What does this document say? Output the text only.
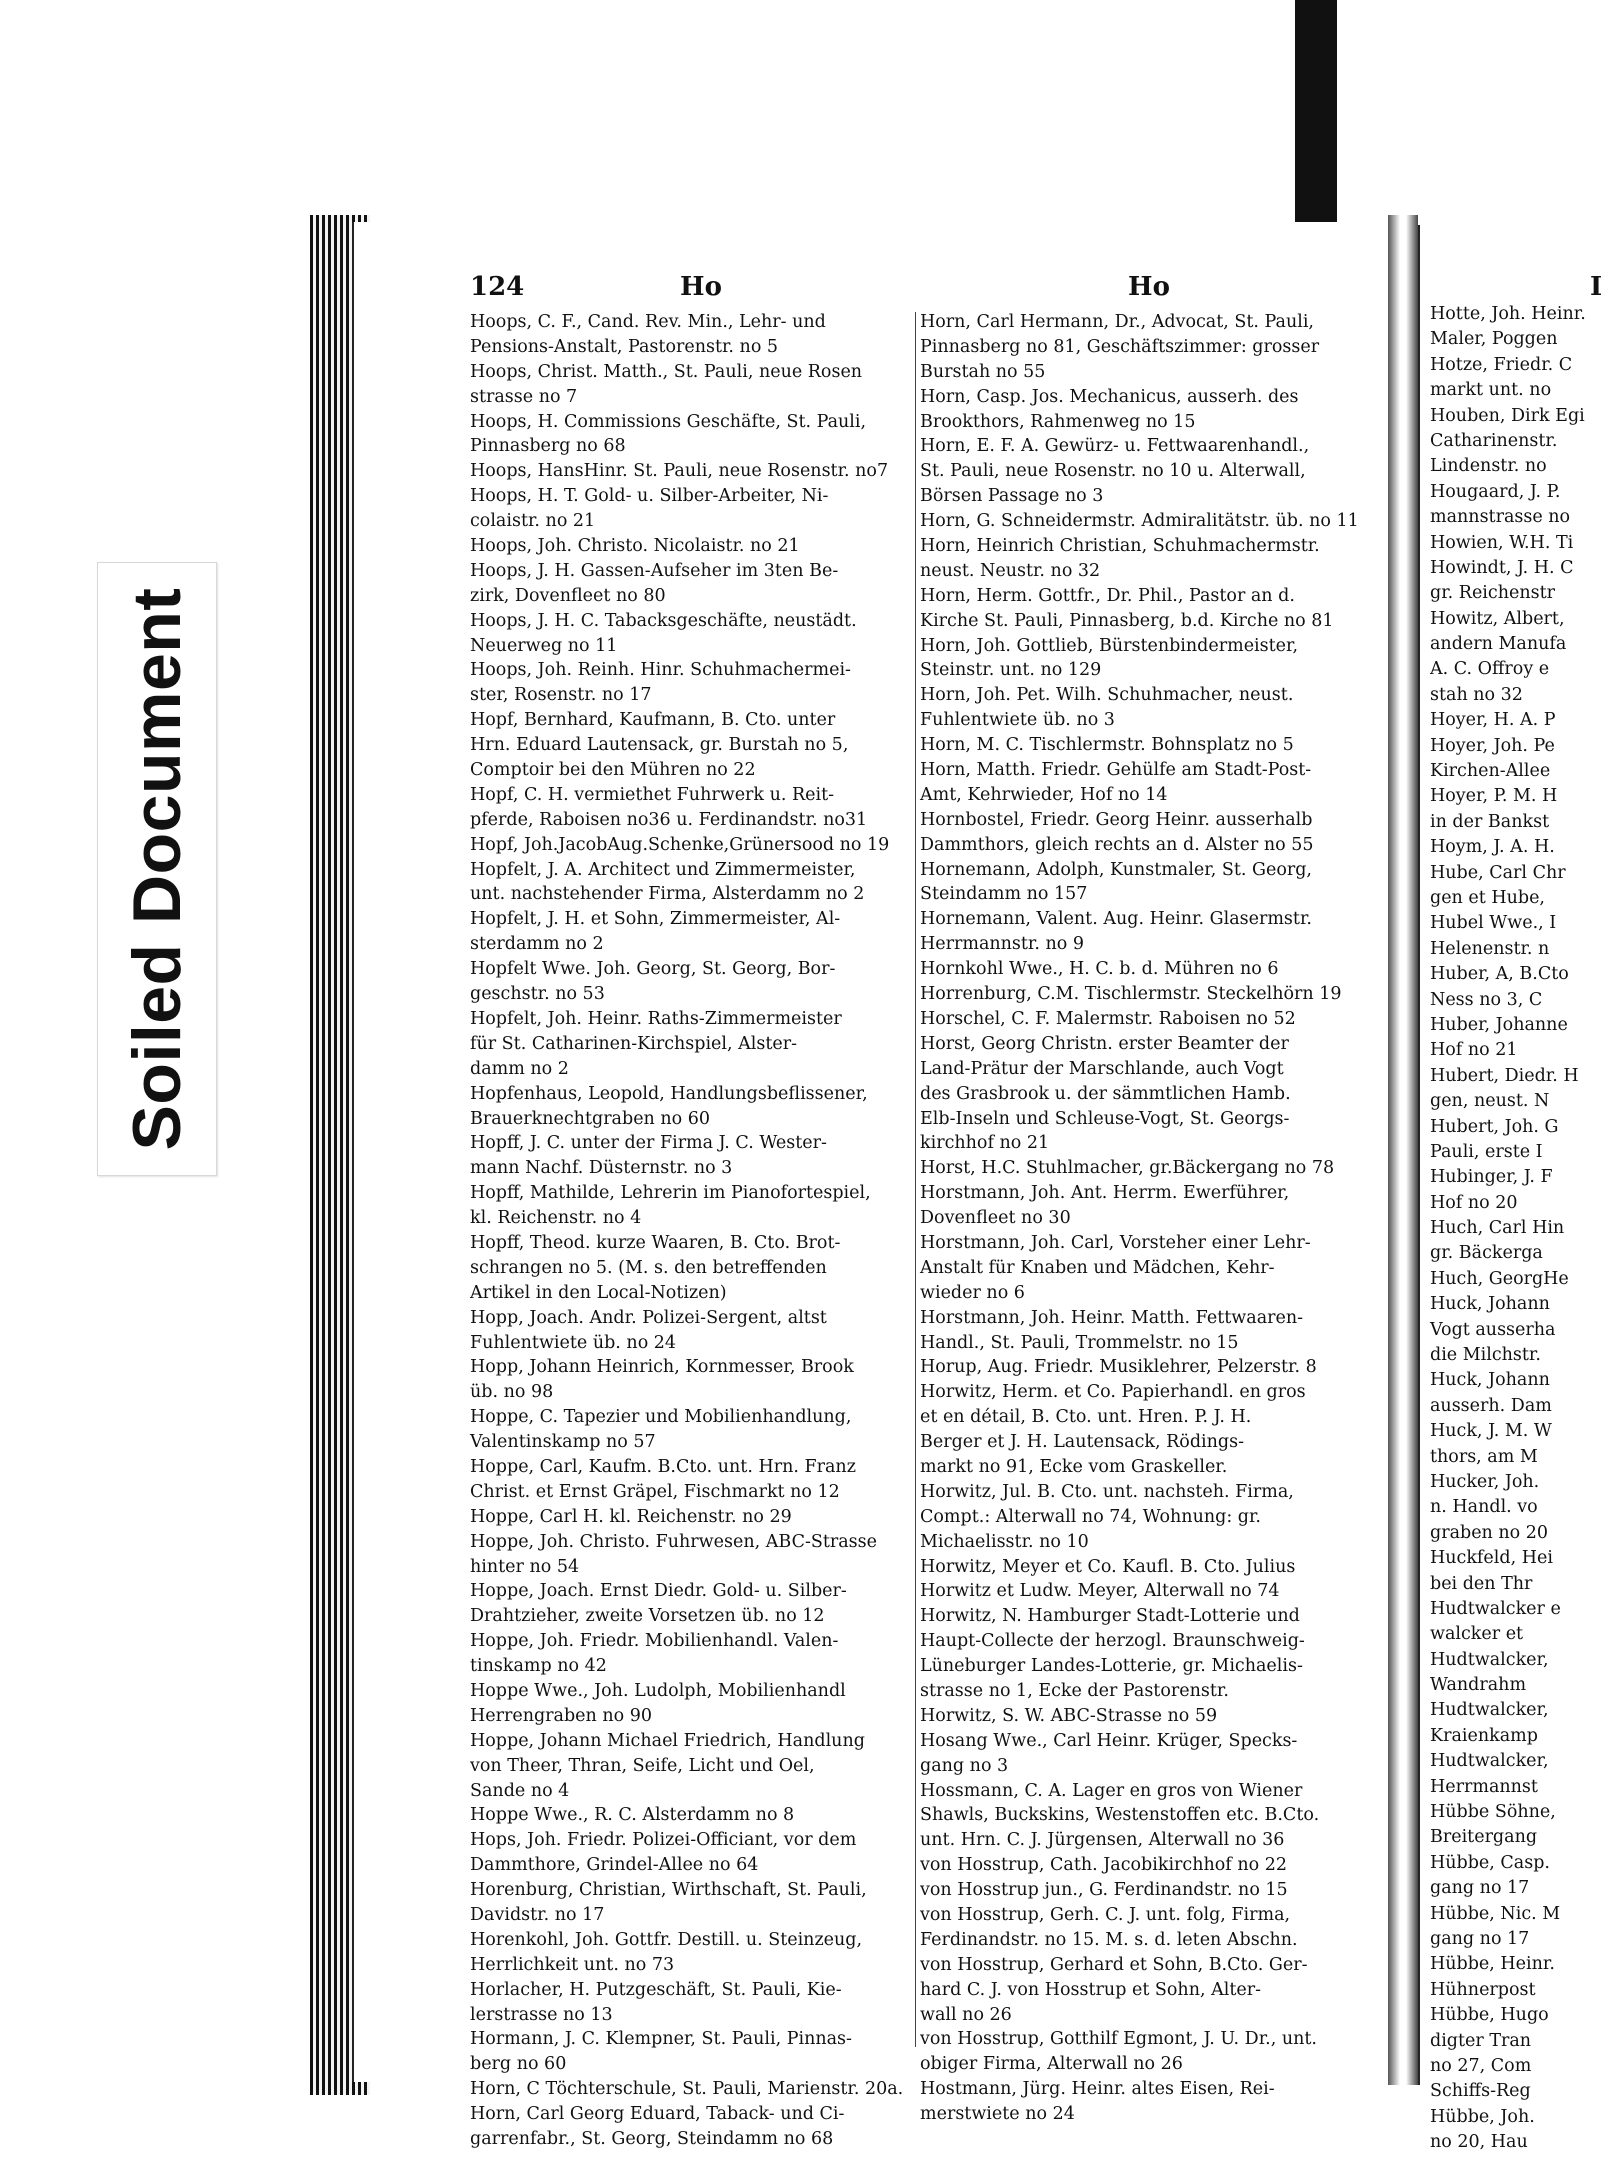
Soiled Document
124	Ho	Ho	I
Hoops, C. F., Cand. Rev. Min., Lehr- und
Pensions-Anstalt, Pastorenstr. no 5
Hoops, Christ. Matth., St. Pauli, neue Rosen
strasse no 7
Hoops, H. Commissions Geschäfte, St. Pauli,
Pinnasberg no 68
Hoops, HansHinr. St. Pauli, neue Rosenstr. no7
Hoops, H. T. Gold- u. Silber-Arbeiter, Ni-
colaistr. no 21
Hoops, Joh. Christo. Nicolaistr. no 21
Hoops, J. H. Gassen-Aufseher im 3ten Be-
zirk, Dovenfleet no 80
Hoops, J. H. C. Tabacksgeschäfte, neustädt.
Neuerweg no 11
Hoops, Joh. Reinh. Hinr. Schuhmachermei-
ster, Rosenstr. no 17
Hopf, Bernhard, Kaufmann, B. Cto. unter
Hrn. Eduard Lautensack, gr. Burstah no 5,
Comptoir bei den Mühren no 22
Hopf, C. H. vermiethet Fuhrwerk u. Reit-
pferde, Raboisen no36 u. Ferdinandstr. no31
Hopf, Joh.JacobAug.Schenke,Grünersood no 19
Hopfelt, J. A. Architect und Zimmermeister,
unt. nachstehender Firma, Alsterdamm no 2
Hopfelt, J. H. et Sohn, Zimmermeister, Al-
sterdamm no 2
Hopfelt Wwe. Joh. Georg, St. Georg, Bor-
geschstr. no 53
Hopfelt, Joh. Heinr. Raths-Zimmermeister
für St. Catharinen-Kirchspiel, Alster-
damm no 2
Hopfenhaus, Leopold, Handlungsbeflissener,
Brauerknechtgraben no 60
Hopff, J. C. unter der Firma J. C. Wester-
mann Nachf. Düsternstr. no 3
Hopff, Mathilde, Lehrerin im Pianofortespiel,
kl. Reichenstr. no 4
Hopff, Theod. kurze Waaren, B. Cto. Brot-
schrangen no 5. (M. s. den betreffenden
Artikel in den Local-Notizen)
Hopp, Joach. Andr. Polizei-Sergent, altst
Fuhlentwiete üb. no 24
Hopp, Johann Heinrich, Kornmesser, Brook
üb. no 98
Hoppe, C. Tapezier und Mobilienhandlung,
Valentinskamp no 57
Hoppe, Carl, Kaufm. B.Cto. unt. Hrn. Franz
Christ. et Ernst Gräpel, Fischmarkt no 12
Hoppe, Carl H. kl. Reichenstr. no 29
Hoppe, Joh. Christo. Fuhrwesen, ABC-Strasse
hinter no 54
Hoppe, Joach. Ernst Diedr. Gold- u. Silber-
Drahtzieher, zweite Vorsetzen üb. no 12
Hoppe, Joh. Friedr. Mobilienhandl. Valen-
tinskamp no 42
Hoppe Wwe., Joh. Ludolph, Mobilienhandl
Herrengraben no 90
Hoppe, Johann Michael Friedrich, Handlung
von Theer, Thran, Seife, Licht und Oel,
Sande no 4
Hoppe Wwe., R. C. Alsterdamm no 8
Hops, Joh. Friedr. Polizei-Officiant, vor dem
Dammthore, Grindel-Allee no 64
Horenburg, Christian, Wirthschaft, St. Pauli,
Davidstr. no 17
Horenkohl, Joh. Gottfr. Destill. u. Steinzeug,
Herrlichkeit unt. no 73
Horlacher, H. Putzgeschäft, St. Pauli, Kie-
lerstrasse no 13
Hormann, J. C. Klempner, St. Pauli, Pinnas-
berg no 60
Horn, C Töchterschule, St. Pauli, Marienstr. 20a.
Horn, Carl Georg Eduard, Taback- und Ci-
garrenfabr., St. Georg, Steindamm no 68
Horn, Carl Hermann, Dr., Advocat, St. Pauli,
Pinnasberg no 81, Geschäftszimmer: grosser
Burstah no 55
Horn, Casp. Jos. Mechanicus, ausserh. des
Brookthors, Rahmenweg no 15
Horn, E. F. A. Gewürz- u. Fettwaarenhandl.,
St. Pauli, neue Rosenstr. no 10 u. Alterwall,
Börsen Passage no 3
Horn, G. Schneidermstr. Admiralitätstr. üb. no 11
Horn, Heinrich Christian, Schuhmachermstr.
neust. Neustr. no 32
Horn, Herm. Gottfr., Dr. Phil., Pastor an d.
Kirche St. Pauli, Pinnasberg, b.d. Kirche no 81
Horn, Joh. Gottlieb, Bürstenbindermeister,
Steinstr. unt. no 129
Horn, Joh. Pet. Wilh. Schuhmacher, neust.
Fuhlentwiete üb. no 3
Horn, M. C. Tischlermstr. Bohnsplatz no 5
Horn, Matth. Friedr. Gehülfe am Stadt-Post-
Amt, Kehrwieder, Hof no 14
Hornbostel, Friedr. Georg Heinr. ausserhalb
Dammthors, gleich rechts an d. Alster no 55
Hornemann, Adolph, Kunstmaler, St. Georg,
Steindamm no 157
Hornemann, Valent. Aug. Heinr. Glasermstr.
Herrmannstr. no 9
Hornkohl Wwe., H. C. b. d. Mühren no 6
Horrenburg, C.M. Tischlermstr. Steckelhörn 19
Horschel, C. F. Malermstr. Raboisen no 52
Horst, Georg Christn. erster Beamter der
Land-Prätur der Marschlande, auch Vogt
des Grasbrook u. der sämmtlichen Hamb.
Elb-Inseln und Schleuse-Vogt, St. Georgs-
kirchhof no 21
Horst, H.C. Stuhlmacher, gr.Bäckergang no 78
Horstmann, Joh. Ant. Herrm. Ewerführer,
Dovenfleet no 30
Horstmann, Joh. Carl, Vorsteher einer Lehr-
Anstalt für Knaben und Mädchen, Kehr-
wieder no 6
Horstmann, Joh. Heinr. Matth. Fettwaaren-
Handl., St. Pauli, Trommelstr. no 15
Horup, Aug. Friedr. Musiklehrer, Pelzerstr. 8
Horwitz, Herm. et Co. Papierhandl. en gros
et en détail, B. Cto. unt. Hren. P. J. H.
Berger et J. H. Lautensack, Rödings-
markt no 91, Ecke vom Graskeller.
Horwitz, Jul. B. Cto. unt. nachsteh. Firma,
Compt.: Alterwall no 74, Wohnung: gr.
Michaelisstr. no 10
Horwitz, Meyer et Co. Kaufl. B. Cto. Julius
Horwitz et Ludw. Meyer, Alterwall no 74
Horwitz, N. Hamburger Stadt-Lotterie und
Haupt-Collecte der herzogl. Braunschweig-
Lüneburger Landes-Lotterie, gr. Michaelis-
strasse no 1, Ecke der Pastorenstr.
Horwitz, S. W. ABC-Strasse no 59
Hosang Wwe., Carl Heinr. Krüger, Specks-
gang no 3
Hossmann, C. A. Lager en gros von Wiener
Shawls, Buckskins, Westenstoffen etc. B.Cto.
unt. Hrn. C. J. Jürgensen, Alterwall no 36
von Hosstrup, Cath. Jacobikirchhof no 22
von Hosstrup jun., G. Ferdinandstr. no 15
von Hosstrup, Gerh. C. J. unt. folg, Firma,
Ferdinandstr. no 15. M. s. d. leten Abschn.
von Hosstrup, Gerhard et Sohn, B.Cto. Ger-
hard C. J. von Hosstrup et Sohn, Alter-
wall no 26
von Hosstrup, Gotthilf Egmont, J. U. Dr., unt.
obiger Firma, Alterwall no 26
Hostmann, Jürg. Heinr. altes Eisen, Rei-
merstwiete no 24
Hotte, Joh. Heinr.
Maler, Poggen
Hotze, Friedr. C
markt unt. no
Houben, Dirk Egi
Catharinenstr.
Lindenstr. no
Hougaard, J. P.
mannstrasse no
Howien, W.H. Ti
Howindt, J. H. C
gr. Reichenstr
Howitz, Albert,
andern Manufa
A. C. Offroy e
stah no 32
Hoyer, H. A. P
Hoyer, Joh. Pe
Kirchen-Allee
Hoyer, P. M. H
in der Bankst
Hoym, J. A. H.
Hube, Carl Chr
gen et Hube,
Hubel Wwe., I
Helenenstr. n
Huber, A, B.Cto
Ness no 3, C
Huber, Johanne
Hof no 21
Hubert, Diedr. H
gen, neust. N
Hubert, Joh. G
Pauli, erste I
Hubinger, J. F
Hof no 20
Huch, Carl Hin
gr. Bäckerga
Huch, GeorgHe
Huck, Johann
Vogt ausserha
die Milchstr.
Huck, Johann
ausserh. Dam
Huck, J. M. W
thors, am M
Hucker, Joh.
n. Handl. vo
graben no 20
Huckfeld, Hei
bei den Thr
Hudtwalcker e
walcker et
Hudtwalcker,
Wandrahm
Hudtwalcker,
Kraienkamp
Hudtwalcker,
Herrmannst
Hübbe Söhne,
Breitergang
Hübbe, Casp.
gang no 17
Hübbe, Nic. M
gang no 17
Hübbe, Heinr.
Hühnerpost
Hübbe, Hugo
digter Tran
no 27, Com
Schiffs-Reg
Hübbe, Joh.
no 20, Hau
